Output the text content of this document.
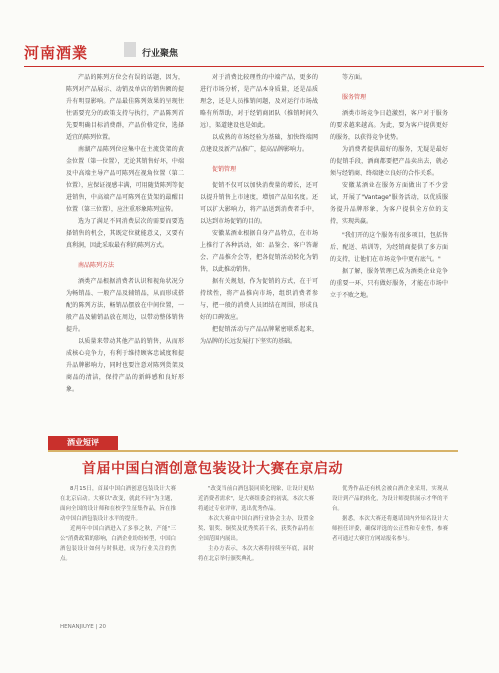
河南酒業	行业聚焦

产品的陈列方位会有误的话题，因为，陈列对产品展示、动销及单店的销售额的提升有明显影响。产品最佳陈列效果的呈现往往需要充分的政策支持与执行，产品陈列首先要明确目标消费群，产品价格定位，选择适宜的陈列位置。

南湖产品陈列位应集中在主流货架的黄金位置（第一位置），无论其销售好坏，中端及中高端主导产品可陈列在视角位置（第二位置），应保证视感丰满，可用随货陈列等促进销售，中高端产品可陈列在货架的最醒目位置（第三位置），应注重形象陈列宣传。

选为了满足不同消费层次的需要而要选择销售的机会，其既定位就能意义，又要有真利润，因此采取最有利的陈列方式。

南品陈列方法

酒类产品根据消费者认识和视角状况分为畅销品、一般产品及辅销品，从而形成搭配的陈列方法，畅销品摆放在中间位置，一般产品及辅销品放在周边，以带动整体销售提升。

以质量来带动其他产品的销售，从而形成核心竞争力，有利于维持顾客忠诚度和提升品牌影响力，同时也要注意对陈列货架及商品的清洁，保持产品的新鲜感和良好形象。

对于消费比较理性的中端产品，更多的进行市场分析，是产品本身质量，还是品质理念，还是人员推销问题，及对运行市场战略有所帮助，对于经销商团队（推销时间久远），渠道建设也是如此。

以成熟的市场经验为基础，加快终端网点建设及新产品推广，提高品牌影响力。

促销管理

促销不仅可以加快消费量的增长，还可以提升销售上市速度，增加产品知名度。还可以扩大影响力，将产品送到消费者手中，以达到市场促销的目的。

安徽某酒业根据自身产品特点，在市场上推行了各种活动，如：品鉴会、客户答谢会、产品推介会等，把各促销活动转化为销售，以此推动销售。

据有关规划，作为促销的方式，在于可持续性，将产品推向市场，组织消费者参与，把一般的消费人员团结在周围，形成良好的口碑效应。

把促销活动与产品品牌紧密联系起来，为品牌的长远发展打下坚实的基础。

等方面。

服务管理

酒类市场竞争日趋激烈，客户对于服务的要求越来越高。为此，要为客户提供更好的服务，以获得竞争优势。

为消费者提供最好的服务，无疑是最好的促销手段，酒商都要把产品卖出去，就必须与经销商、终端建立良好的合作关系。

安徽某酒业在服务方面做出了不少尝试，开展了"Vantage"服务活动，以优质服务提升品牌形象，为客户提供全方位的支持，实现共赢。

"我们开的这个服务有很多项目，包括售后、配送、培训等，为经销商提供了多方面的支持，让他们在市场竞争中更有底气。"

据了解，服务管理已成为酒类企业竞争的重要一环，只有做好服务，才能在市场中立于不败之地。

酒业短评
首届中国白酒创意包装设计大赛在京启动

8月15日，首届中国白酒创意包装设计大赛在北京启动。大赛以"改变，就此不同"为主题，面向全国的设计师和在校学生征集作品，旨在推动中国白酒包装设计水平的提升。

近两年中国白酒进入了多事之秋，产能"三公"消费政策的影响，白酒企业纷纷转型，中国白酒包装设计如何与时俱进，成为行业关注的焦点。

"改变当前白酒包装同质化现象，让设计更贴近消费者需求"，是大赛组委会的初衷，本次大赛将通过专业评审，选出优秀作品。

本次大赛由中国白酒行业协会主办，设置金奖、银奖、铜奖及优秀奖若干名，获奖作品将在全国范围内展出。

主办方表示，本次大赛将持续至年底，届时将在北京举行颁奖典礼。

优秀作品还有机会被白酒企业采用，实现从设计到产品的转化，为设计师提供展示才华的平台。

据悉，本次大赛还将邀请国内外知名设计大师担任评委，确保评选的公正性和专业性，参赛者可通过大赛官方网站报名参与。

HENANJIUYE | 20
